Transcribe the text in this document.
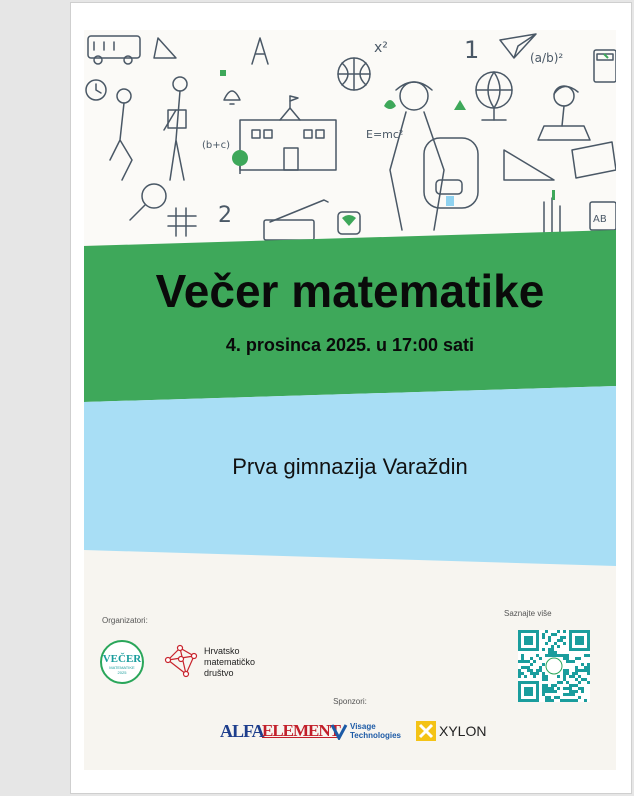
x²	1	(a/b)²
E=mc²
(b+c)
2	AB
Večer matematike
4. prosinca 2025. u 17:00 sati
Prva gimnazija Varaždin
Organizatori:
VEČER
MATEMATIKE
2025
Hrvatsko
matematičko
društvo
Saznajte više
Sponzori:
ALFA
ELEMENT Visage
Technologies	XYLON
